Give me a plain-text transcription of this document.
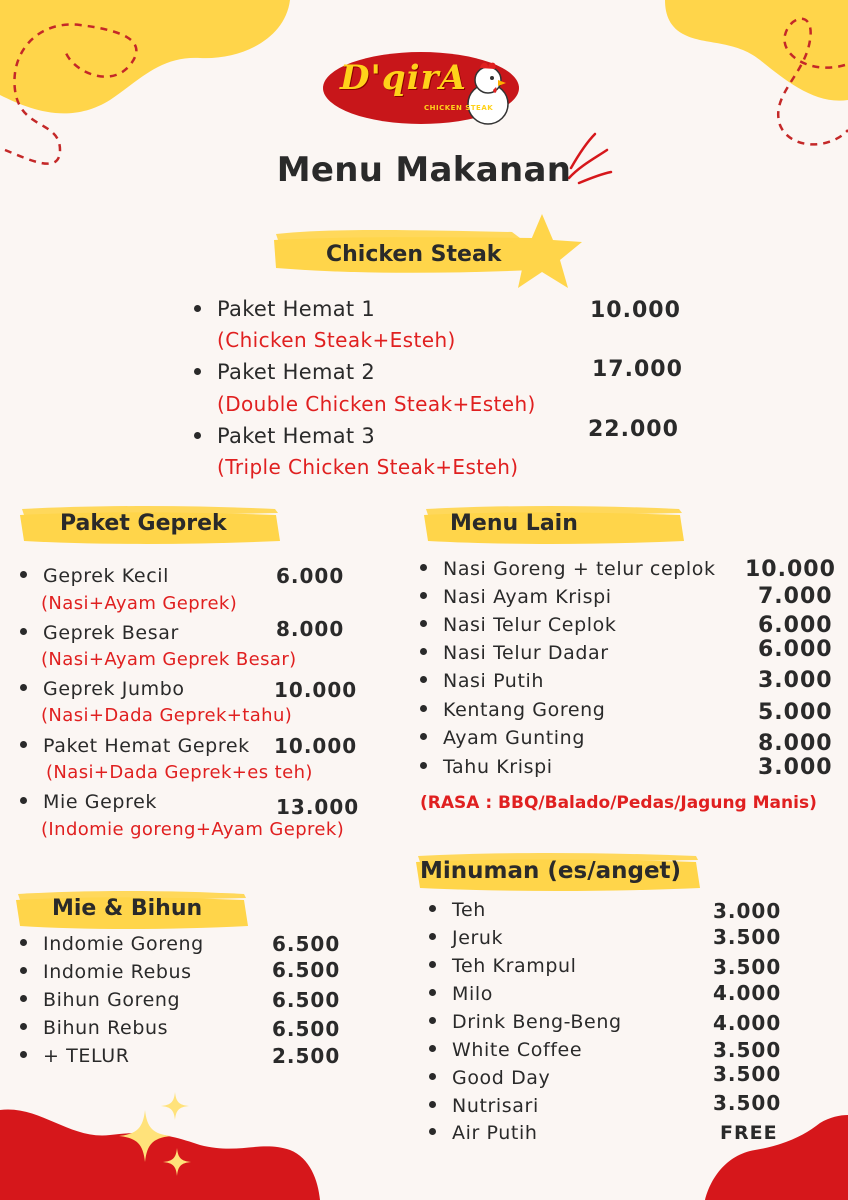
D'qirA
CHICKEN STEAK
Menu Makanan
Chicken Steak
Paket Hemat 1
(Chicken Steak+Esteh)
10.000
Paket Hemat 2
(Double Chicken Steak+Esteh)
17.000
Paket Hemat 3
(Triple Chicken Steak+Esteh)
22.000
Paket Geprek
Geprek Kecil
(Nasi+Ayam Geprek)
6.000
Geprek Besar
(Nasi+Ayam Geprek Besar)
8.000
Geprek Jumbo
(Nasi+Dada Geprek+tahu)
10.000
Paket Hemat Geprek
(Nasi+Dada Geprek+es teh)
10.000
Mie Geprek
(Indomie goreng+Ayam Geprek)
13.000
Menu Lain
Nasi Goreng + telur ceplok 10.000
Nasi Ayam Krispi	7.000
Nasi Telur Ceplok	6.000
Nasi Telur Dadar	6.000
Nasi Putih	3.000
Kentang Goreng	5.000
Ayam Gunting	8.000
Tahu Krispi	3.000
(RASA : BBQ/Balado/Pedas/Jagung Manis)
Minuman (es/anget)
Teh	3.000
Jeruk	3.500
Teh Krampul	3.500
Milo	4.000
Drink Beng-Beng	4.000
White Coffee	3.500
Good Day	3.500
Nutrisari	3.500
Air Putih	FREE
Mie & Bihun
Indomie Goreng	6.500
Indomie Rebus	6.500
Bihun Goreng	6.500
Bihun Rebus	6.500
+ TELUR	2.500
